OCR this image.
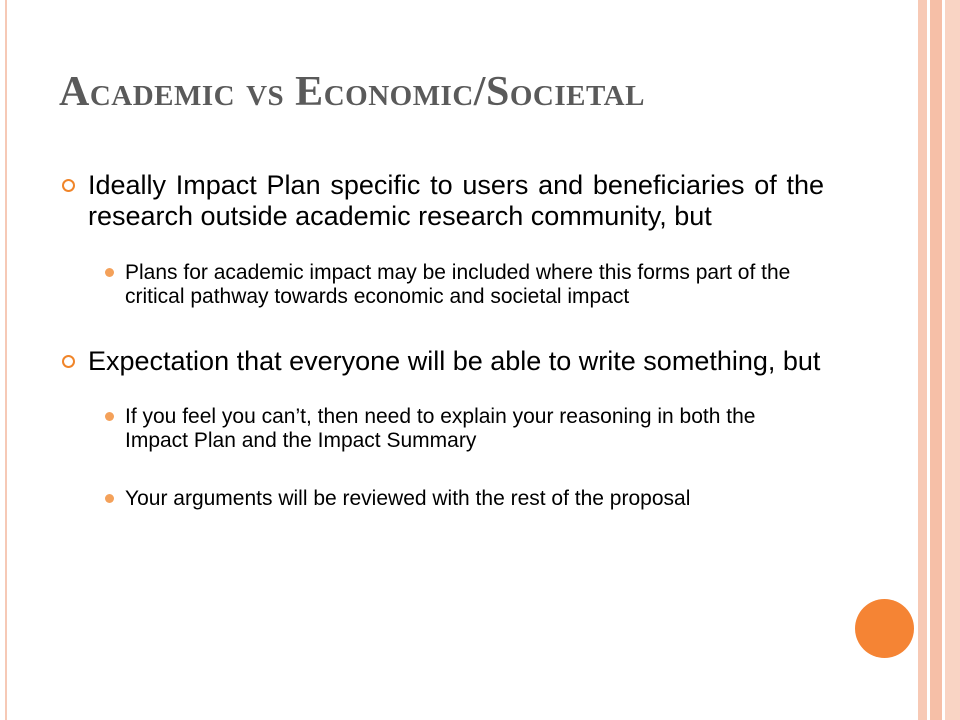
Academic vs Economic/Societal
Ideally Impact Plan specific to users and beneficiaries of the research outside academic research community, but
Plans for academic impact may be included where this forms part of the critical pathway towards economic and societal impact
Expectation that everyone will be able to write something, but
If you feel you can’t, then need to explain your reasoning in both the Impact Plan and the Impact Summary
Your arguments will be reviewed with the rest of the proposal
